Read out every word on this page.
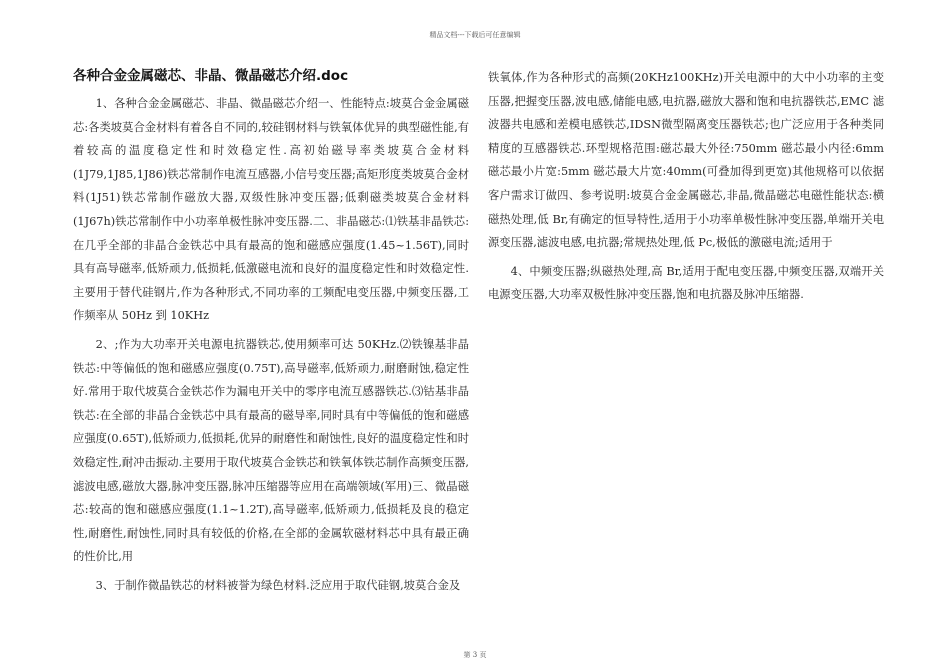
精品文档---下载后可任意编辑
各种合金金属磁芯、非晶、微晶磁芯介绍.doc

1、各种合金金属磁芯、非晶、微晶磁芯介绍一、性能特点:坡莫合金金属磁芯:各类坡莫合金材料有着各自不同的,较硅钢材料与铁氧体优异的典型磁性能,有着较高的温度稳定性和时效稳定性.高初始磁导率类坡莫合金材料(1J79,1J85,1J86)铁芯常制作电流互感器,小信号变压器;高矩形度类坡莫合金材料(1J51)铁芯常制作磁放大器,双级性脉冲变压器;低剩磁类坡莫合金材料(1J67h)铁芯常制作中小功率单极性脉冲变压器.二、非晶磁芯:⑴铁基非晶铁芯:在几乎全部的非晶合金铁芯中具有最高的饱和磁感应强度(1.45~1.56T),同时具有高导磁率,低矫顽力,低损耗,低激磁电流和良好的温度稳定性和时效稳定性.主要用于替代硅钢片,作为各种形式,不同功率的工频配电变压器,中频变压器,工作频率从 50Hz 到 10KHz

2、;作为大功率开关电源电抗器铁芯,使用频率可达 50KHz.⑵铁镍基非晶铁芯:中等偏低的饱和磁感应强度(0.75T),高导磁率,低矫顽力,耐磨耐蚀,稳定性好.常用于取代坡莫合金铁芯作为漏电开关中的零序电流互感器铁芯.⑶钴基非晶铁芯:在全部的非晶合金铁芯中具有最高的磁导率,同时具有中等偏低的饱和磁感应强度(0.65T),低矫顽力,低损耗,优异的耐磨性和耐蚀性,良好的温度稳定性和时效稳定性,耐冲击振动.主要用于取代坡莫合金铁芯和铁氧体铁芯制作高频变压器,滤波电感,磁放大器,脉冲变压器,脉冲压缩器等应用在高端领域(军用)三、微晶磁芯:较高的饱和磁感应强度(1.1~1.2T),高导磁率,低矫顽力,低损耗及良的稳定性,耐磨性,耐蚀性,同时具有较低的价格,在全部的金属软磁材料芯中具有最正确的性价比,用

3、于制作微晶铁芯的材料被誉为绿色材料.泛应用于取代硅钢,坡莫合金及

铁氧体,作为各种形式的高频(20KHz100KHz)开关电源中的大中小功率的主变压器,把握变压器,波电感,储能电感,电抗器,磁放大器和饱和电抗器铁芯,EMC 滤波器共电感和差模电感铁芯,IDSN微型隔离变压器铁芯;也广泛应用于各种类同精度的互感器铁芯.环型规格范围:磁芯最大外径:750mm 磁芯最小内径:6mm 磁芯最小片宽:5mm 磁芯最大片宽:40mm(可叠加得到更宽)其他规格可以依据客户需求订做四、参考说明:坡莫合金金属磁芯,非晶,微晶磁芯电磁性能状态:横磁热处理,低 Br,有确定的恒导特性,适用于小功率单极性脉冲变压器,单端开关电源变压器,滤波电感,电抗器;常规热处理,低 Pc,极低的激磁电流;适用于

4、中频变压器;纵磁热处理,高 Br,适用于配电变压器,中频变压器,双端开关电源变压器,大功率双极性脉冲变压器,饱和电抗器及脉冲压缩器.

第 3 页
